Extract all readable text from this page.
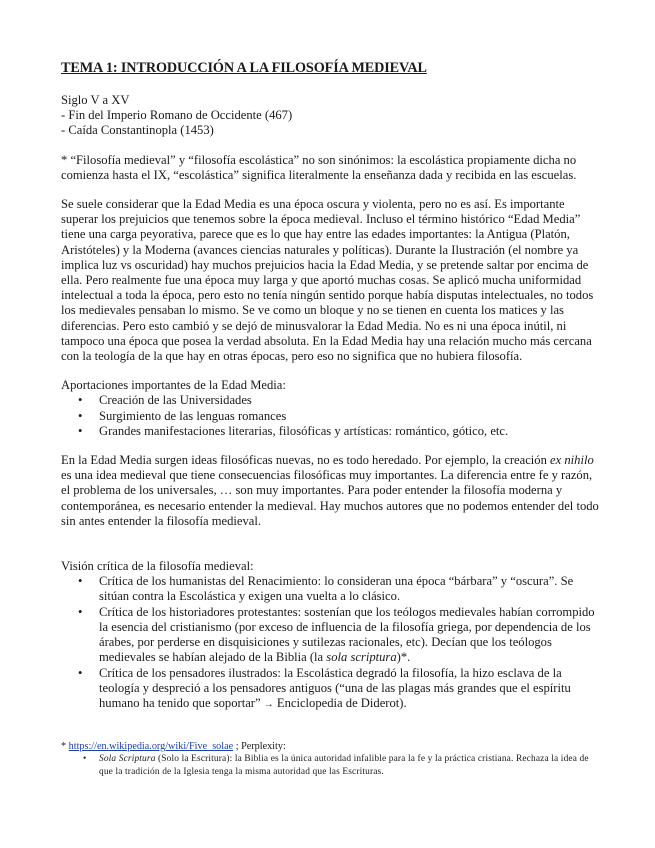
TEMA 1: INTRODUCCIÓN A LA FILOSOFÍA MEDIEVAL

Siglo V a XV

- Fin del Imperio Romano de Occidente (467)

- Caída Constantinopla (1453)

* “Filosofía medieval” y “filosofía escolástica” no son sinónimos: la escolástica propiamente dicha no comienza hasta el IX, “escolástica” significa literalmente la enseñanza dada y recibida en las escuelas.

Se suele considerar que la Edad Media es una época oscura y violenta, pero no es así. Es importante superar los prejuicios que tenemos sobre la época medieval. Incluso el término histórico “Edad Media” tiene una carga peyorativa, parece que es lo que hay entre las edades importantes: la Antigua (Platón, Aristóteles) y la Moderna (avances ciencias naturales y políticas). Durante la Ilustración (el nombre ya implica luz vs oscuridad) hay muchos prejuicios hacia la Edad Media, y se pretende saltar por encima de ella. Pero realmente fue una época muy larga y que aportó muchas cosas. Se aplicó mucha uniformidad intelectual a toda la época, pero esto no tenía ningún sentido porque había disputas intelectuales, no todos los medievales pensaban lo mismo. Se ve como un bloque y no se tienen en cuenta los matices y las diferencias. Pero esto cambió y se dejó de minusvalorar la Edad Media. No es ni una época inútil, ni tampoco una época que posea la verdad absoluta. En la Edad Media hay una relación mucho más cercana con la teología de la que hay en otras épocas, pero eso no significa que no hubiera filosofía.

Aportaciones importantes de la Edad Media:

• Creación de las Universidades
• Surgimiento de las lenguas romances
• Grandes manifestaciones literarias, filosóficas y artísticas: romántico, gótico, etc.

En la Edad Media surgen ideas filosóficas nuevas, no es todo heredado. Por ejemplo, la creación ex nihilo es una idea medieval que tiene consecuencias filosóficas muy importantes. La diferencia entre fe y razón, el problema de los universales, … son muy importantes. Para poder entender la filosofía moderna y contemporánea, es necesario entender la medieval. Hay muchos autores que no podemos entender del todo sin antes entender la filosofía medieval.

Visión crítica de la filosofía medieval:

• Crítica de los humanistas del Renacimiento: lo consideran una época “bárbara” y “oscura”. Se sitúan contra la Escolástica y exigen una vuelta a lo clásico.
• Crítica de los historiadores protestantes: sostenían que los teólogos medievales habían corrompido la esencia del cristianismo (por exceso de influencia de la filosofía griega, por dependencia de los árabes, por perderse en disquisiciones y sutilezas racionales, etc). Decían que los teólogos medievales se habían alejado de la Biblia (la sola scriptura)*.
• Crítica de los pensadores ilustrados: la Escolástica degradó la filosofía, la hizo esclava de la teología y despreció a los pensadores antiguos (“una de las plagas más grandes que el espíritu humano ha tenido que soportar” → Enciclopedia de Diderot).

* https://en.wikipedia.org/wiki/Five_solae ; Perplexity:

• Sola Scriptura (Solo la Escritura): la Biblia es la única autoridad infalible para la fe y la práctica cristiana. Rechaza la idea de que la tradición de la Iglesia tenga la misma autoridad que las Escrituras.
